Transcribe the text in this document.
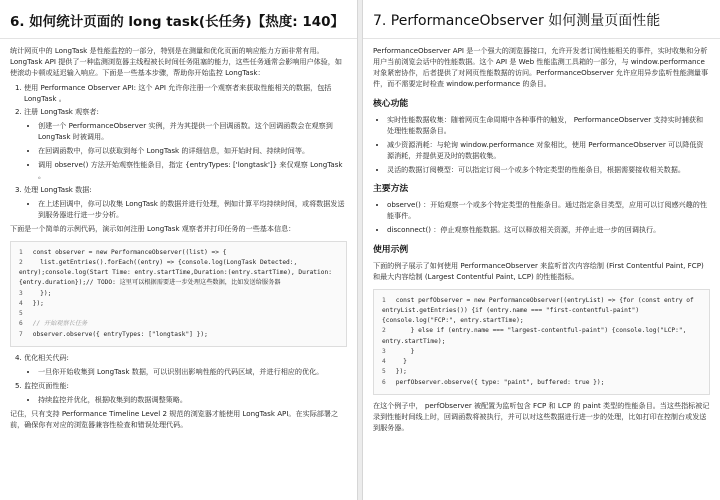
6. 如何统计页面的 long task(长任务)【热度: 140】

统计网页中的 LongTask 是性能监控的一部分，特别是在测量和优化页面的响应能力方面非常有用。 LongTask API 提供了一种监测浏览器主线程被长时间任务阻塞的能力，这些任务通常会影响用户体验，如使滚动卡顿或延迟输入响应。下面是一些基本步骤，帮助你开始监控 LongTask：

1. 使用 Performance Observer API: 这个 API 允许你注册一个观察者来获取性能相关的数据，包括 LongTask 。
2. 注册 LongTask 观察者:
• 创建一个 PerformanceObserver 实例，并为其提供一个回调函数。这个回调函数会在观察到 LongTask 时被调用。
• 在回调函数中，你可以获取到每个 LongTask 的详细信息，如开始时间、持续时间等。
• 调用 observe() 方法开始观察性能条目，指定 {entryTypes: ['longtask']} 来仅观察 LongTask 。
3. 处理 LongTask 数据:
• 在上述回调中，你可以收集 LongTask 的数据并进行处理，例如计算平均持续时间，或将数据发送到服务器进行进一步分析。

下面是一个简单的示例代码，演示如何注册 LongTask 观察者并打印任务的一些基本信息：

1 const observer = new PerformanceObserver((list) => {
2   list.getEntries().forEach((entry) => {console.log(LongTask Detected:, entry);console.log(Start Time: entry.startTime,Duration:(entry.startTime), Duration: {entry.duration});// TODO: 这里可以根据需要进一步处理这些数据，比如发送给服务器
3   });
4 });
5
6 // 开始观察长任务
7 observer.observe({ entryTypes: ["longtask"] });
4. 优化相关代码:
• 一旦你开始收集到 LongTask 数据，可以识别出影响性能的代码区域，并进行相应的优化。
5. 监控页面性能:
• 持续监控并优化，根据收集到的数据调整策略。

记住，只有支持 Performance Timeline Level 2 规范的浏览器才能使用 LongTask API。在实际部署之前，确保你有对应的浏览器兼容性检查和错误处理代码。

7. PerformanceObserver 如何测量页面性能

PerformanceObserver API 是一个强大的浏览器接口，允许开发者订阅性能相关的事件，实时收集和分析用户当前浏览会话中的性能数据。这个 API 是 Web 性能监测工具箱的一部分，与 window.performance 对象紧密协作，后者提供了对网页性能数据的访问。PerformanceObserver 允许应用异步监听性能测量事件，而不需要定时检查 window.performance 的条目。

核心功能
• 实时性能数据收集：随着网页生命周期中各种事件的触发， PerformanceObserver 支持实时捕获和处理性能数据条目。
• 减少资源消耗：与轮询 window.performance 对象相比，使用 PerformanceObserver 可以降低资源消耗，并提供更及时的数据收集。
• 灵活的数据订阅模型：可以指定订阅一个或多个特定类型的性能条目，根据需要接收相关数据。
主要方法
• observe() ：开始观察一个或多个特定类型的性能条目。通过指定条目类型，应用可以订阅感兴趣的性能事件。
• disconnect() ：停止观察性能数据。这可以释放相关资源，并停止进一步的回调执行。
使用示例

下面的例子展示了如何使用 PerformanceObserver 来监听首次内容绘制 (First Contentful Paint, FCP) 和最大内容绘制 (Largest Contentful Paint, LCP) 的性能指标。

1 const perfObserver = new PerformanceObserver((entryList) => {for (const entry of entryList.getEntries()) {if (entry.name === "first-contentful-paint") {console.log("FCP:", entry.startTime);
2     } else if (entry.name === "largest-contentful-paint") {console.log("LCP:", entry.startTime);
3     }
4   }
5 });
6 perfObserver.observe({ type: "paint", buffered: true });

在这个例子中， perfObserver 被配置为监听包含 FCP 和 LCP 的 paint 类型的性能条目。当这些指标被记录到性能时间线上时，回调函数将被执行，并可以对这些数据进行进一步的处理，比如打印在控制台或发送到服务器。
